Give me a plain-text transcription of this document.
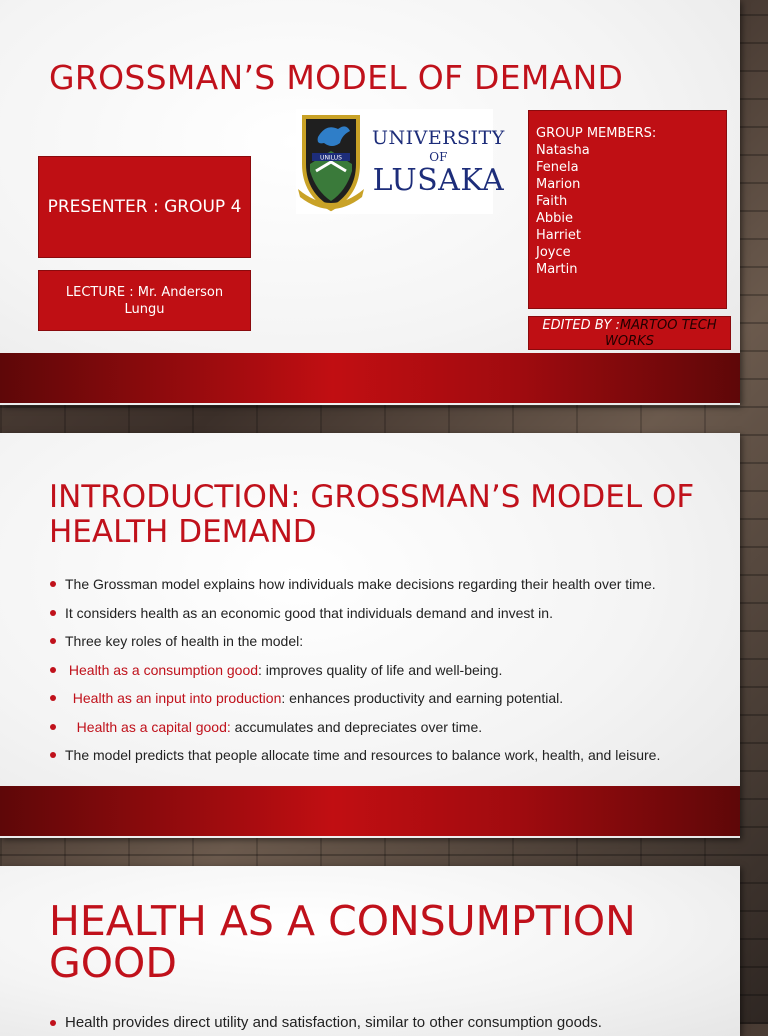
GROSSMAN’S MODEL OF DEMAND
PRESENTER : GROUP 4
LECTURE : Mr. Anderson Lungu
UNILUS
UNIVERSITY
OF
LUSAKA
GROUP MEMBERS:
Natasha
Fenela
Marion
Faith
Abbie
Harriet
Joyce
Martin
EDITED BY :MARTOO TECH WORKS
INTRODUCTION: GROSSMAN’S MODEL OF HEALTH DEMAND
The Grossman model explains how individuals make decisions regarding their health over time.
It considers health as an economic good that individuals demand and invest in.
Three key roles of health in the model:
Health as a consumption good: improves quality of life and well-being.
Health as an input into production: enhances productivity and earning potential.
Health as a capital good: accumulates and depreciates over time.
The model predicts that people allocate time and resources to balance work, health, and leisure.
HEALTH AS A CONSUMPTION GOOD
Health provides direct utility and satisfaction, similar to other consumption goods.
